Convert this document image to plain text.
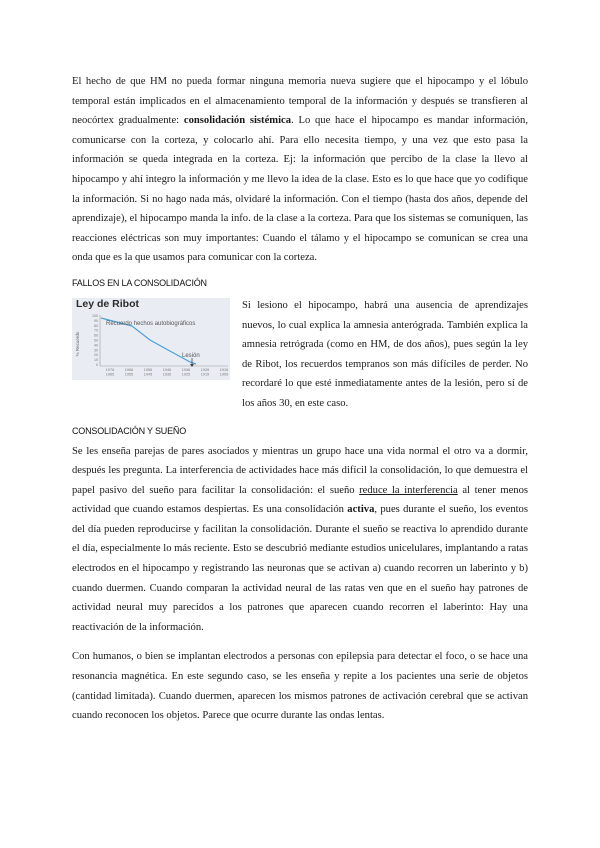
El hecho de que HM no pueda formar ninguna memoria nueva sugiere que el hipocampo y el lóbulo temporal están implicados en el almacenamiento temporal de la información y después se transfieren al neocórtex gradualmente: consolidación sistémica. Lo que hace el hipocampo es mandar información, comunicarse con la corteza, y colocarlo ahí. Para ello necesita tiempo, y una vez que esto pasa la información se queda integrada en la corteza. Ej: la información que percibo de la clase la llevo al hipocampo y ahí integro la información y me llevo la idea de la clase. Esto es lo que hace que yo codifique la información. Si no hago nada más, olvidaré la información. Con el tiempo (hasta dos años, depende del aprendizaje), el hipocampo manda la info. de la clase a la corteza. Para que los sistemas se comuniquen, las reacciones eléctricas son muy importantes: Cuando el tálamo y el hipocampo se comunican se crea una onda que es la que usamos para comunicar con la corteza.

FALLOS EN LA CONSOLIDACIÓN
Ley de Ribot
% Recuerdo
100
90
80
70
60
50
40
30
20
10
0
1976
1965
1966
1955
1956
1945
1946
1935
1936
1925
1926
1915
1916
1905
Recuerdo hechos autobiográficos
Lesión

Si lesiono el hipocampo, habrá una ausencia de aprendizajes nuevos, lo cual explica la amnesia anterógrada. También explica la amnesia retrógrada (como en HM, de dos años), pues según la ley de Ribot, los recuerdos tempranos son más difíciles de perder. No recordaré lo que esté inmediatamente antes de la lesión, pero sí de los años 30, en este caso.

CONSOLIDACIÓN Y SUEÑO

Se les enseña parejas de pares asociados y mientras un grupo hace una vida normal el otro va a dormir, después les pregunta. La interferencia de actividades hace más difícil la consolidación, lo que demuestra el papel pasivo del sueño para facilitar la consolidación: el sueño reduce la interferencia al tener menos actividad que cuando estamos despiertas. Es una consolidación activa, pues durante el sueño, los eventos del día pueden reproducirse y facilitan la consolidación. Durante el sueño se reactiva lo aprendido durante el día, especialmente lo más reciente. Esto se descubrió mediante estudios unicelulares, implantando a ratas electrodos en el hipocampo y registrando las neuronas que se activan a) cuando recorren un laberinto y b) cuando duermen. Cuando comparan la actividad neural de las ratas ven que en el sueño hay patrones de actividad neural muy parecidos a los patrones que aparecen cuando recorren el laberinto: Hay una reactivación de la información.

Con humanos, o bien se implantan electrodos a personas con epilepsia para detectar el foco, o se hace una resonancia magnética. En este segundo caso, se les enseña y repite a los pacientes una serie de objetos (cantidad limitada). Cuando duermen, aparecen los mismos patrones de activación cerebral que se activan cuando reconocen los objetos. Parece que ocurre durante las ondas lentas.
